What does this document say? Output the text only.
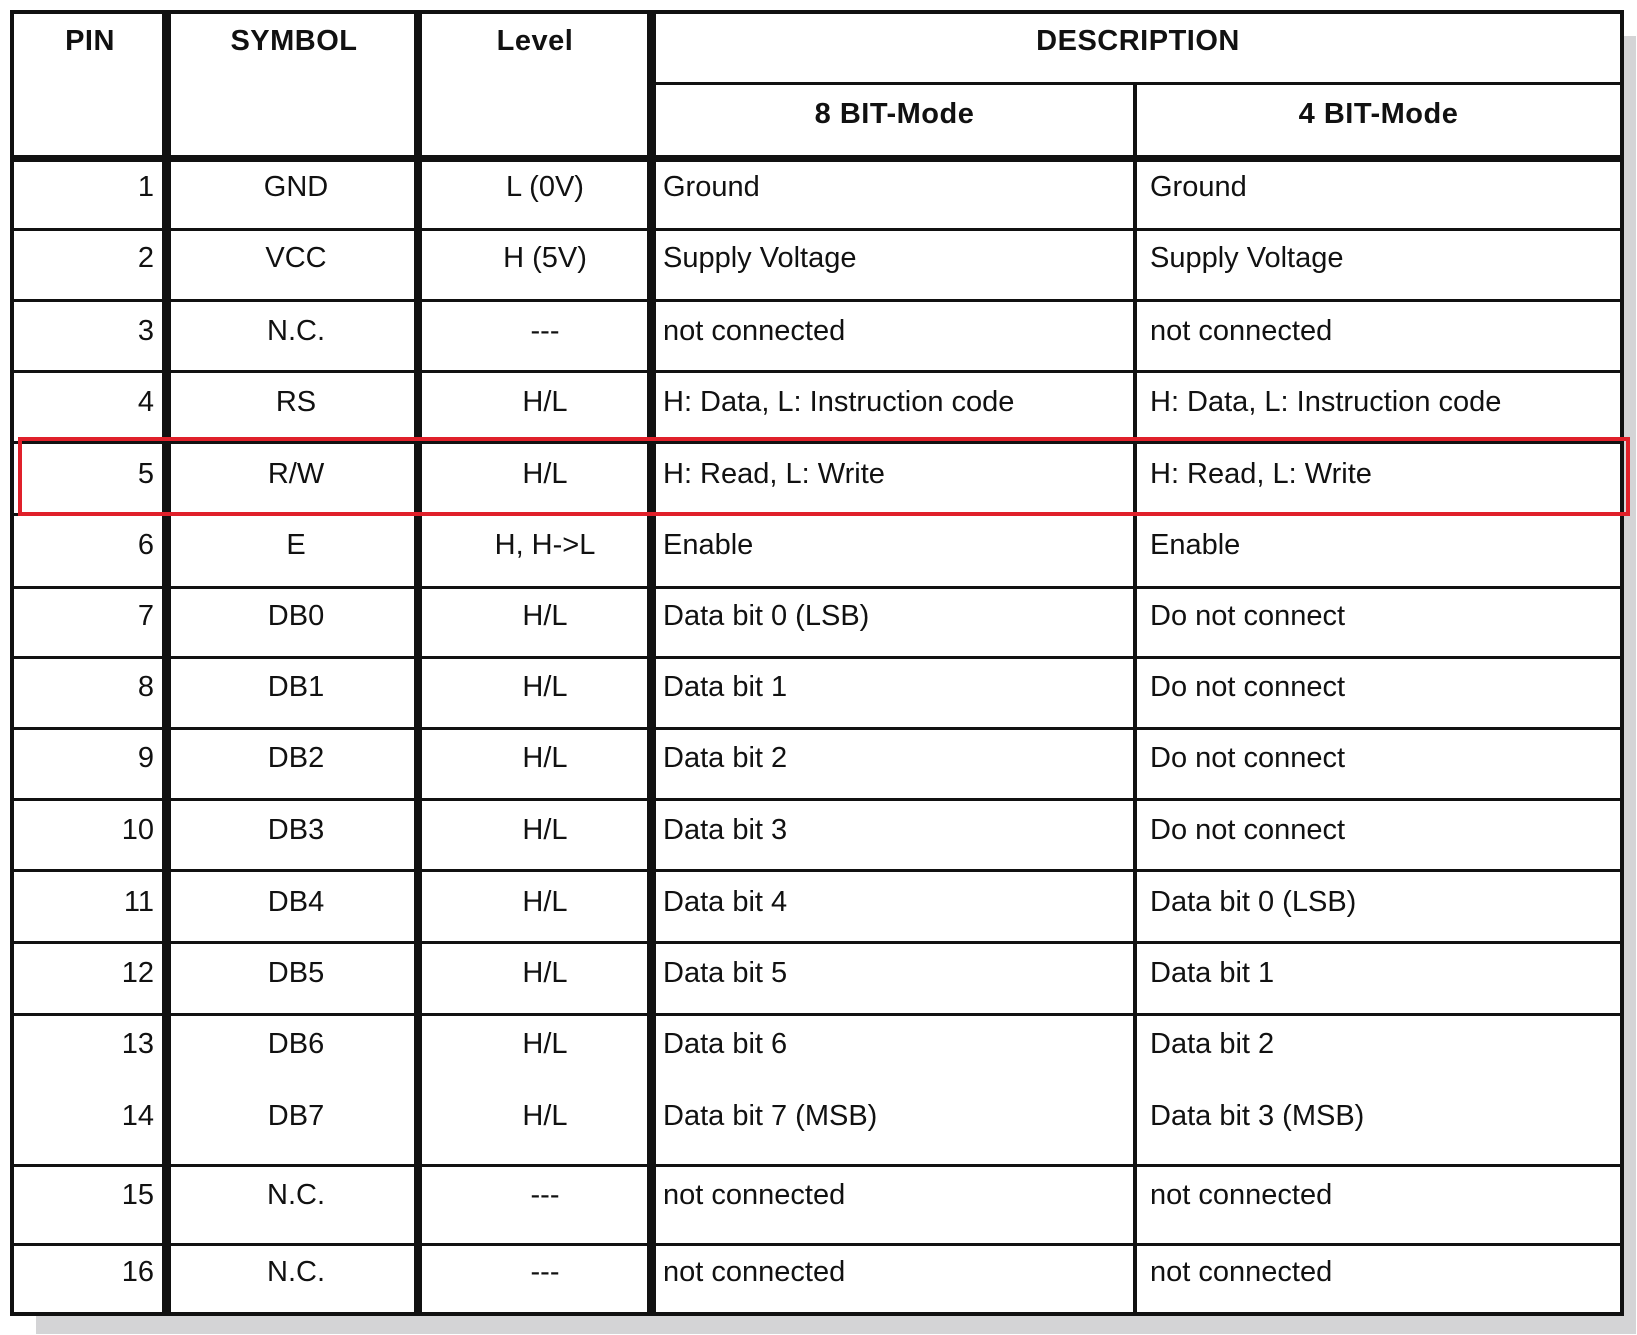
PIN	SYMBOL	Level	DESCRIPTION
8 BIT-Mode	4 BIT-Mode
1	GND	L (0V)	Ground	Ground
2	VCC	H (5V)	Supply Voltage	Supply Voltage
3	N.C.	---	not connected	not connected
4	RS	H/L	H: Data, L: Instruction code	H: Data, L: Instruction code
5	R/W	H/L	H: Read, L: Write	H: Read, L: Write
6	E	H, H->L	Enable	Enable
7	DB0	H/L	Data bit 0 (LSB)	Do not connect
8	DB1	H/L	Data bit 1	Do not connect
9	DB2	H/L	Data bit 2	Do not connect
10	DB3	H/L	Data bit 3	Do not connect
11	DB4	H/L	Data bit 4	Data bit 0 (LSB)
12	DB5	H/L	Data bit 5	Data bit 1
13	DB6	H/L	Data bit 6	Data bit 2
14	DB7	H/L	Data bit 7 (MSB)	Data bit 3 (MSB)
15	N.C.	---	not connected	not connected
16	N.C.	---	not connected	not connected
